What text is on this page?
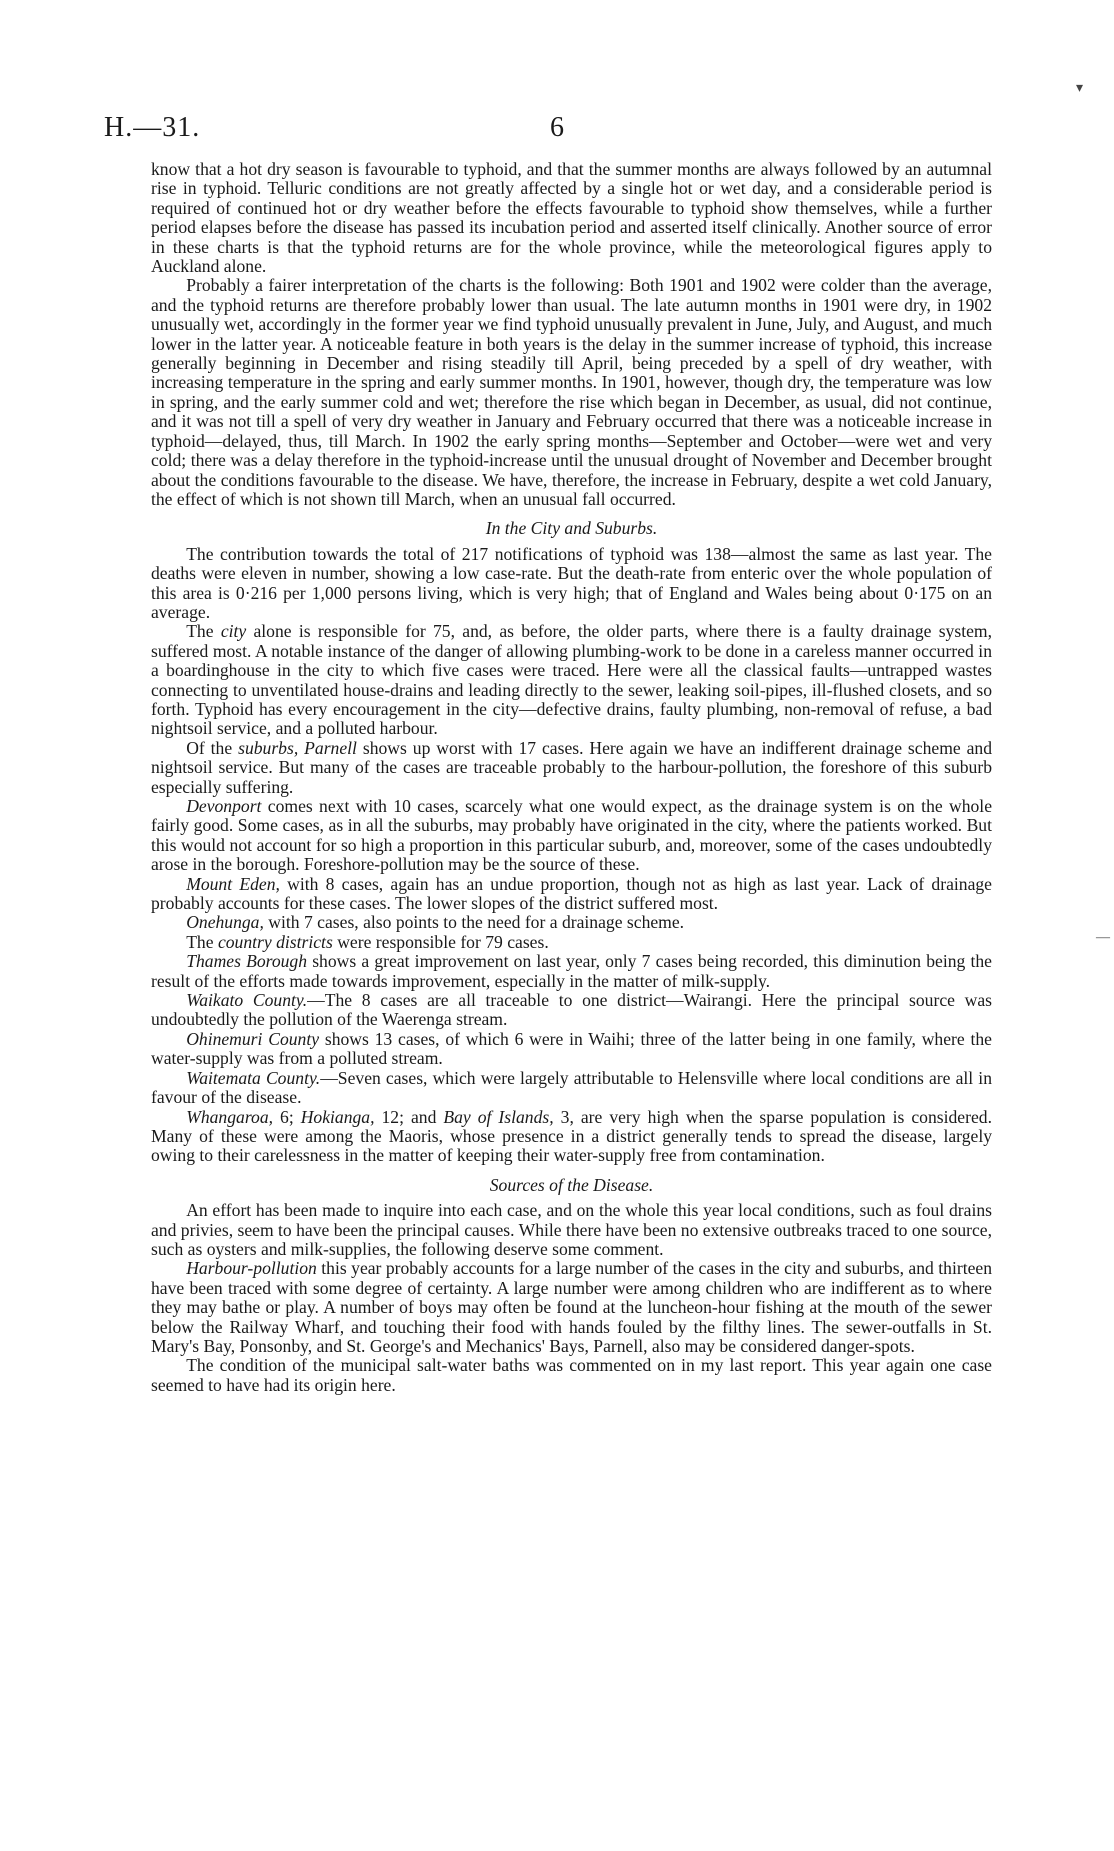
H.—31.	6
▾
—

know that a hot dry season is favourable to typhoid, and that the summer months are always followed by an autumnal rise in typhoid. Telluric conditions are not greatly affected by a single hot or wet day, and a considerable period is required of continued hot or dry weather before the effects favourable to typhoid show themselves, while a further period elapses before the disease has passed its incubation period and asserted itself clinically. Another source of error in these charts is that the typhoid returns are for the whole province, while the meteorological figures apply to Auckland alone.

Probably a fairer interpretation of the charts is the following: Both 1901 and 1902 were colder than the average, and the typhoid returns are therefore probably lower than usual. The late autumn months in 1901 were dry, in 1902 unusually wet, accordingly in the former year we find typhoid unusually prevalent in June, July, and August, and much lower in the latter year. A noticeable feature in both years is the delay in the summer increase of typhoid, this increase generally beginning in December and rising steadily till April, being preceded by a spell of dry weather, with increasing temperature in the spring and early summer months. In 1901, however, though dry, the temperature was low in spring, and the early summer cold and wet; therefore the rise which began in December, as usual, did not continue, and it was not till a spell of very dry weather in January and February occurred that there was a noticeable increase in typhoid—delayed, thus, till March. In 1902 the early spring months—September and October—were wet and very cold; there was a delay therefore in the typhoid-increase until the unusual drought of November and December brought about the conditions favourable to the disease. We have, therefore, the increase in February, despite a wet cold January, the effect of which is not shown till March, when an unusual fall occurred.

In the City and Suburbs.

The contribution towards the total of 217 notifications of typhoid was 138—almost the same as last year. The deaths were eleven in number, showing a low case-rate. But the death-rate from enteric over the whole population of this area is 0·216 per 1,000 persons living, which is very high; that of England and Wales being about 0·175 on an average.

The city alone is responsible for 75, and, as before, the older parts, where there is a faulty drainage system, suffered most. A notable instance of the danger of allowing plumbing-work to be done in a careless manner occurred in a boardinghouse in the city to which five cases were traced. Here were all the classical faults—untrapped wastes connecting to unventilated house-drains and leading directly to the sewer, leaking soil-pipes, ill-flushed closets, and so forth. Typhoid has every encouragement in the city—defective drains, faulty plumbing, non-removal of refuse, a bad nightsoil service, and a polluted harbour.

Of the suburbs, Parnell shows up worst with 17 cases. Here again we have an indifferent drainage scheme and nightsoil service. But many of the cases are traceable probably to the harbour-pollution, the foreshore of this suburb especially suffering.

Devonport comes next with 10 cases, scarcely what one would expect, as the drainage system is on the whole fairly good. Some cases, as in all the suburbs, may probably have originated in the city, where the patients worked. But this would not account for so high a proportion in this particular suburb, and, moreover, some of the cases undoubtedly arose in the borough. Foreshore-pollution may be the source of these.

Mount Eden, with 8 cases, again has an undue proportion, though not as high as last year. Lack of drainage probably accounts for these cases. The lower slopes of the district suffered most.

Onehunga, with 7 cases, also points to the need for a drainage scheme.

The country districts were responsible for 79 cases.

Thames Borough shows a great improvement on last year, only 7 cases being recorded, this diminution being the result of the efforts made towards improvement, especially in the matter of milk-supply.

Waikato County.—The 8 cases are all traceable to one district—Wairangi. Here the principal source was undoubtedly the pollution of the Waerenga stream.

Ohinemuri County shows 13 cases, of which 6 were in Waihi; three of the latter being in one family, where the water-supply was from a polluted stream.

Waitemata County.—Seven cases, which were largely attributable to Helensville where local conditions are all in favour of the disease.

Whangaroa, 6; Hokianga, 12; and Bay of Islands, 3, are very high when the sparse population is considered. Many of these were among the Maoris, whose presence in a district generally tends to spread the disease, largely owing to their carelessness in the matter of keeping their water-supply free from contamination.

Sources of the Disease.

An effort has been made to inquire into each case, and on the whole this year local conditions, such as foul drains and privies, seem to have been the principal causes. While there have been no extensive outbreaks traced to one source, such as oysters and milk-supplies, the following deserve some comment.

Harbour-pollution this year probably accounts for a large number of the cases in the city and suburbs, and thirteen have been traced with some degree of certainty. A large number were among children who are indifferent as to where they may bathe or play. A number of boys may often be found at the luncheon-hour fishing at the mouth of the sewer below the Railway Wharf, and touching their food with hands fouled by the filthy lines. The sewer-outfalls in St. Mary's Bay, Ponsonby, and St. George's and Mechanics' Bays, Parnell, also may be considered danger-spots.

The condition of the municipal salt-water baths was commented on in my last report. This year again one case seemed to have had its origin here.
